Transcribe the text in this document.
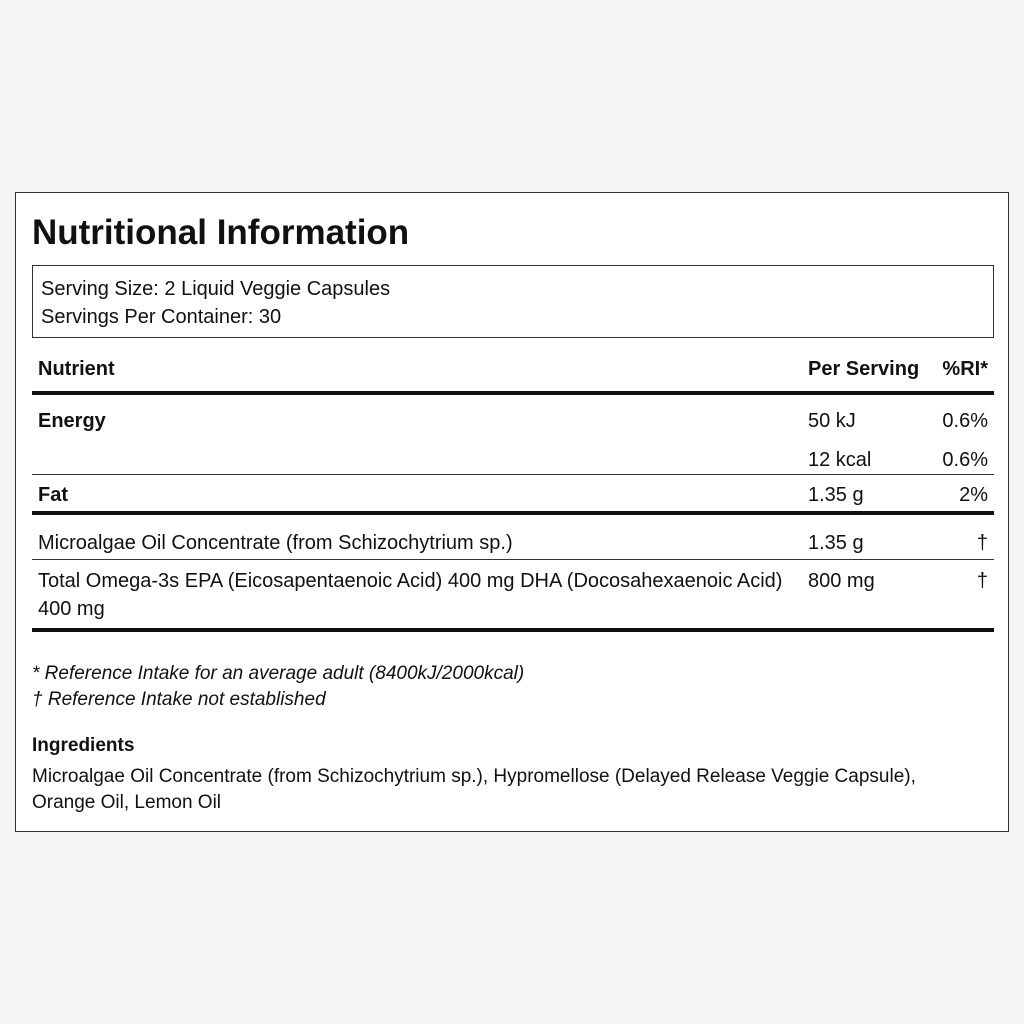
Nutritional Information
Serving Size: 2 Liquid Veggie Capsules
Servings Per Container: 30
Nutrient	Per Serving	%RI*
Energy	50 kJ	0.6%
	12 kcal	0.6%
Fat	1.35 g	2%
Microalgae Oil Concentrate (from Schizochytrium sp.)	1.35 g	†
Total Omega-3s EPA (Eicosapentaenoic Acid) 400 mg DHA (Docosahexaenoic Acid) 400 mg	800 mg	†
* Reference Intake for an average adult (8400kJ/2000kcal)
† Reference Intake not established
Ingredients
Microalgae Oil Concentrate (from Schizochytrium sp.), Hypromellose (Delayed Release Veggie Capsule), Orange Oil, Lemon Oil
